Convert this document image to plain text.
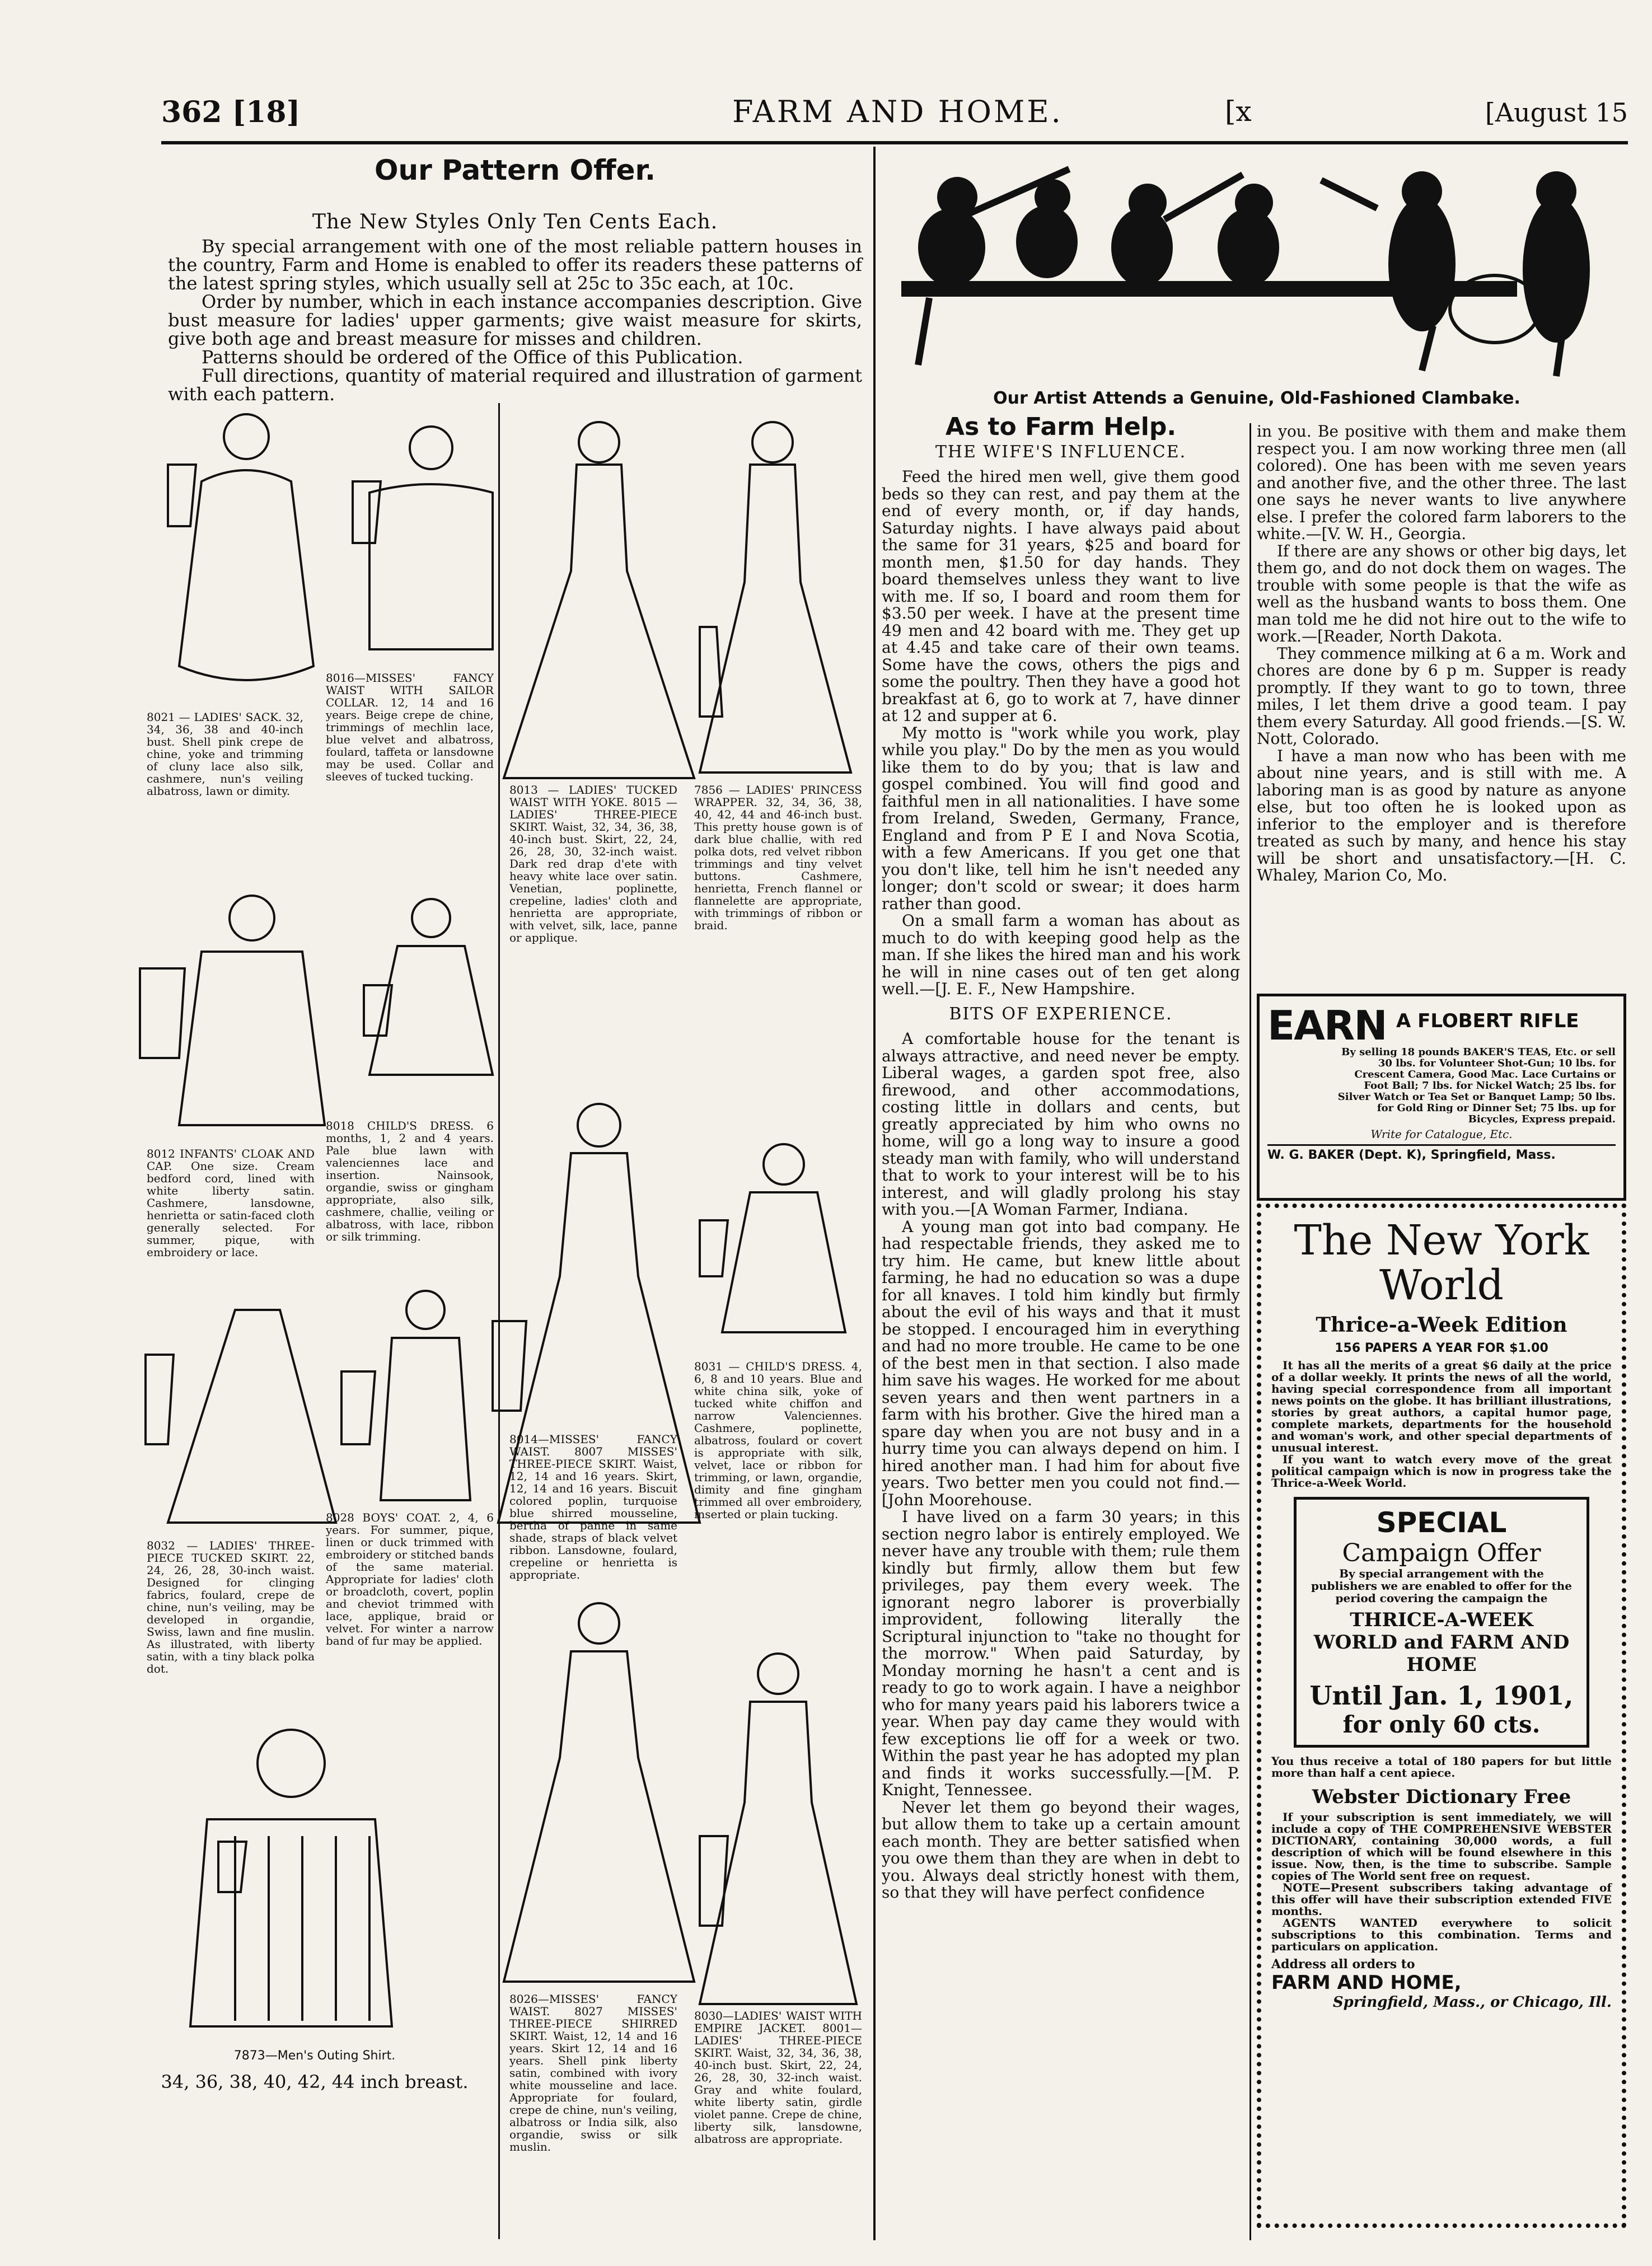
362 [18]	FARM AND HOME.	[x	[August 15
Our Pattern Offer.
The New Styles Only Ten Cents Each.
By special arrangement with one of the most reliable pattern houses in the country, Farm and Home is enabled to offer its readers these patterns of the latest spring styles, which usually sell at 25c to 35c each, at 10c.
Order by number, which in each instance accompanies description. Give bust measure for ladies' upper garments; give waist measure for skirts, give both age and breast measure for misses and children.
Patterns should be ordered of the Office of this Publication.
Full directions, quantity of material required and illustration of garment with each pattern.
8021 — LADIES' SACK. 32, 34, 36, 38 and 40-inch bust. Shell pink crepe de chine, yoke and trimming of cluny lace also silk, cashmere, nun's veiling albatross, lawn or dimity.
8016—MISSES' FANCY WAIST WITH SAILOR COLLAR. 12, 14 and 16 years. Beige crepe de chine, trimmings of mechlin lace, blue velvet and albatross, foulard, taffeta or lansdowne may be used. Collar and sleeves of tucked tucking.
8012 INFANTS' CLOAK AND CAP. One size. Cream bedford cord, lined with white liberty satin. Cashmere, lansdowne, henrietta or satin-faced cloth generally selected. For summer, pique, with embroidery or lace.
8018 CHILD'S DRESS. 6 months, 1, 2 and 4 years. Pale blue lawn with valenciennes lace and insertion. Nainsook, organdie, swiss or gingham appropriate, also silk, cashmere, challie, veiling or albatross, with lace, ribbon or silk trimming.
8032 — LADIES' THREE-PIECE TUCKED SKIRT. 22, 24, 26, 28, 30-inch waist. Designed for clinging fabrics, foulard, crepe de chine, nun's veiling, may be developed in organdie, Swiss, lawn and fine muslin. As illustrated, with liberty satin, with a tiny black polka dot.
8028 BOYS' COAT. 2, 4, 6 years. For summer, pique, linen or duck trimmed with embroidery or stitched bands of the same material. Appropriate for ladies' cloth or broadcloth, covert, poplin and cheviot trimmed with lace, applique, braid or velvet. For winter a narrow band of fur may be applied.
8013 — LADIES' TUCKED WAIST WITH YOKE. 8015 — LADIES' THREE-PIECE SKIRT. Waist, 32, 34, 36, 38, 40-inch bust. Skirt, 22, 24, 26, 28, 30, 32-inch waist. Dark red drap d'ete with heavy white lace over satin. Venetian, poplinette, crepeline, ladies' cloth and henrietta are appropriate, with velvet, silk, lace, panne or applique.
7856 — LADIES' PRINCESS WRAPPER. 32, 34, 36, 38, 40, 42, 44 and 46-inch bust. This pretty house gown is of dark blue challie, with red polka dots, red velvet ribbon trimmings and tiny velvet buttons. Cashmere, henrietta, French flannel or flannelette are appropriate, with trimmings of ribbon or braid.
8014—MISSES' FANCY WAIST. 8007 MISSES' THREE-PIECE SKIRT. Waist, 12, 14 and 16 years. Skirt, 12, 14 and 16 years. Biscuit colored poplin, turquoise blue shirred mousseline, bertha of panne in same shade, straps of black velvet ribbon. Lansdowne, foulard, crepeline or henrietta is appropriate.
8031 — CHILD'S DRESS. 4, 6, 8 and 10 years. Blue and white china silk, yoke of tucked white chiffon and narrow Valenciennes. Cashmere, poplinette, albatross, foulard or covert is appropriate with silk, velvet, lace or ribbon for trimming, or lawn, organdie, dimity and fine gingham trimmed all over embroidery, inserted or plain tucking.
8026—MISSES' FANCY WAIST. 8027 MISSES' THREE-PIECE SHIRRED SKIRT. Waist, 12, 14 and 16 years. Skirt 12, 14 and 16 years. Shell pink liberty satin, combined with ivory white mousseline and lace. Appropriate for foulard, crepe de chine, nun's veiling, albatross or India silk, also organdie, swiss or silk muslin.
8030—LADIES' WAIST WITH EMPIRE JACKET. 8001—LADIES' THREE-PIECE SKIRT. Waist, 32, 34, 36, 38, 40-inch bust. Skirt, 22, 24, 26, 28, 30, 32-inch waist. Gray and white foulard, white liberty satin, girdle violet panne. Crepe de chine, liberty silk, lansdowne, albatross are appropriate.
7873—Men's Outing Shirt.
34, 36, 38, 40, 42, 44 inch breast.
Our Artist Attends a Genuine, Old-Fashioned Clambake.
As to Farm Help.
THE WIFE'S INFLUENCE.

Feed the hired men well, give them good beds so they can rest, and pay them at the end of every month, or, if day hands, Saturday nights. I have always paid about the same for 31 years, $25 and board for month men, $1.50 for day hands. They board themselves unless they want to live with me. If so, I board and room them for $3.50 per week. I have at the present time 49 men and 42 board with me. They get up at 4.45 and take care of their own teams. Some have the cows, others the pigs and some the poultry. Then they have a good hot breakfast at 6, go to work at 7, have dinner at 12 and supper at 6.

My motto is "work while you work, play while you play." Do by the men as you would like them to do by you; that is law and gospel combined. You will find good and faithful men in all nationalities. I have some from Ireland, Sweden, Germany, France, England and from P E I and Nova Scotia, with a few Americans. If you get one that you don't like, tell him he isn't needed any longer; don't scold or swear; it does harm rather than good.

On a small farm a woman has about as much to do with keeping good help as the man. If she likes the hired man and his work he will in nine cases out of ten get along well.—[J. E. F., New Hampshire.

BITS OF EXPERIENCE.

A comfortable house for the tenant is always attractive, and need never be empty. Liberal wages, a garden spot free, also firewood, and other accommodations, costing little in dollars and cents, but greatly appreciated by him who owns no home, will go a long way to insure a good steady man with family, who will understand that to work to your interest will be to his interest, and will gladly prolong his stay with you.—[A Woman Farmer, Indiana.

A young man got into bad company. He had respectable friends, they asked me to try him. He came, but knew little about farming, he had no education so was a dupe for all knaves. I told him kindly but firmly about the evil of his ways and that it must be stopped. I encouraged him in everything and had no more trouble. He came to be one of the best men in that section. I also made him save his wages. He worked for me about seven years and then went partners in a farm with his brother. Give the hired man a spare day when you are not busy and in a hurry time you can always depend on him. I hired another man. I had him for about five years. Two better men you could not find.—[John Moorehouse.

I have lived on a farm 30 years; in this section negro labor is entirely employed. We never have any trouble with them; rule them kindly but firmly, allow them but few privileges, pay them every week. The ignorant negro laborer is proverbially improvident, following literally the Scriptural injunction to "take no thought for the morrow." When paid Saturday, by Monday morning he hasn't a cent and is ready to go to work again. I have a neighbor who for many years paid his laborers twice a year. When pay day came they would with few exceptions lie off for a week or two. Within the past year he has adopted my plan and finds it works successfully.—[M. P. Knight, Tennessee.

Never let them go beyond their wages, but allow them to take up a certain amount each month. They are better satisfied when you owe them than they are when in debt to you. Always deal strictly honest with them, so that they will have perfect confidence

in you. Be positive with them and make them respect you. I am now working three men (all colored). One has been with me seven years and another five, and the other three. The last one says he never wants to live anywhere else. I prefer the colored farm laborers to the white.—[V. W. H., Georgia.

If there are any shows or other big days, let them go, and do not dock them on wages. The trouble with some people is that the wife as well as the husband wants to boss them. One man told me he did not hire out to the wife to work.—[Reader, North Dakota.

They commence milking at 6 a m. Work and chores are done by 6 p m. Supper is ready promptly. If they want to go to town, three miles, I let them drive a good team. I pay them every Saturday. All good friends.—[S. W. Nott, Colorado.

I have a man now who has been with me about nine years, and is still with me. A laboring man is as good by nature as anyone else, but too often he is looked upon as inferior to the employer and is therefore treated as such by many, and hence his stay will be short and unsatisfactory.—[H. C. Whaley, Marion Co, Mo.

EARN A FLOBERT RIFLE
By selling 18 pounds BAKER'S TEAS, Etc. or sell 30 lbs. for Volunteer Shot-Gun; 10 lbs. for Crescent Camera, Good Mac. Lace Curtains or Foot Ball; 7 lbs. for Nickel Watch; 25 lbs. for Silver Watch or Tea Set or Banquet Lamp; 50 lbs. for Gold Ring or Dinner Set; 75 lbs. up for Bicycles, Express prepaid.
Write for Catalogue, Etc.
W. G. BAKER (Dept. K), Springfield, Mass.
The New York
World
Thrice-a-Week Edition
156 PAPERS A YEAR FOR $1.00
It has all the merits of a great $6 daily at the price of a dollar weekly. It prints the news of all the world, having special correspondence from all important news points on the globe. It has brilliant illustrations, stories by great authors, a capital humor page, complete markets, departments for the household and woman's work, and other special departments of unusual interest.
If you want to watch every move of the great political campaign which is now in progress take the Thrice-a-Week World.
SPECIAL
Campaign Offer
By special arrangement with the publishers we are enabled to offer for the period covering the campaign the
THRICE-A-WEEK WORLD and FARM AND HOME
Until Jan. 1, 1901,
for only 60 cts.
You thus receive a total of 180 papers for but little more than half a cent apiece.
Webster Dictionary Free
If your subscription is sent immediately, we will include a copy of THE COMPREHENSIVE WEBSTER DICTIONARY, containing 30,000 words, a full description of which will be found elsewhere in this issue. Now, then, is the time to subscribe. Sample copies of The World sent free on request.
NOTE—Present subscribers taking advantage of this offer will have their subscription extended FIVE months.
AGENTS WANTED everywhere to solicit subscriptions to this combination. Terms and particulars on application.
Address all orders to
FARM AND HOME,
Springfield, Mass., or Chicago, Ill.
